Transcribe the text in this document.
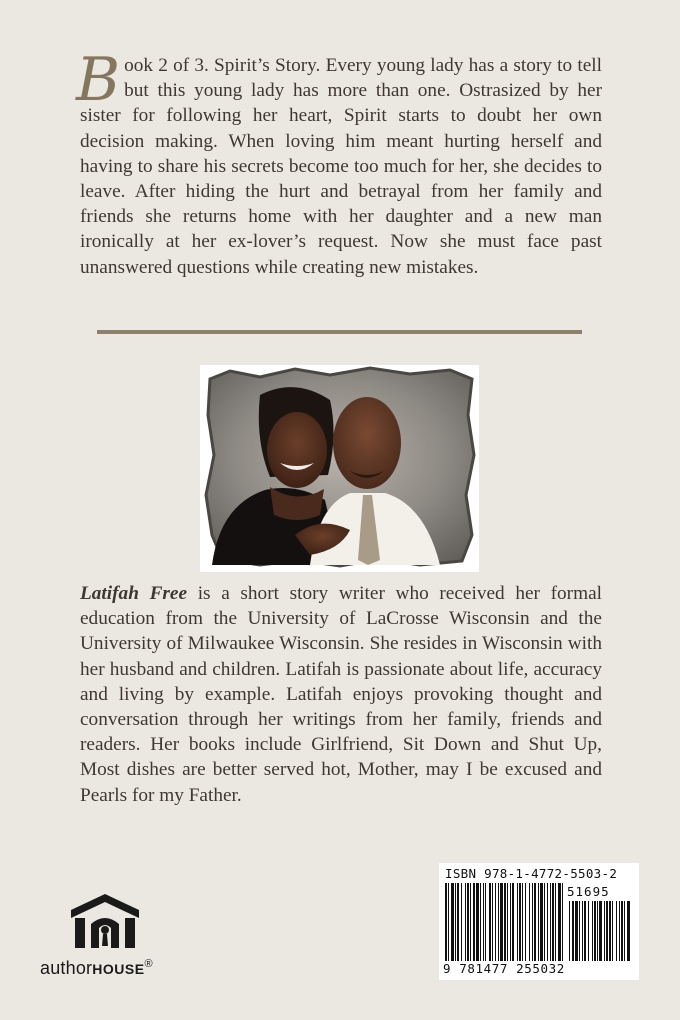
Book 2 of 3. Spirit’s Story. Every young lady has a story to tell but this young lady has more than one. Ostrasized by her sister for following her heart, Spirit starts to doubt her own decision making. When loving him meant hurting herself and having to share his secrets become too much for her, she decides to leave. After hiding the hurt and betrayal from her family and friends she returns home with her daughter and a new man ironically at her ex-lover’s request. Now she must face past unanswered questions while creating new mistakes.

Latifah Free is a short story writer who received her formal education from the University of LaCrosse Wisconsin and the University of Milwaukee Wisconsin. She resides in Wisconsin with her husband and children. Latifah is passionate about life, accuracy and living by example. Latifah enjoys provoking thought and conversation through her writings from her family, friends and readers. Her books include Girlfriend, Sit Down and Shut Up, Most dishes are better served hot, Mother, may I be excused and Pearls for my Father.

authorHOUSE®
ISBN 978-1-4772-5503-2
51695
9 781477 255032
